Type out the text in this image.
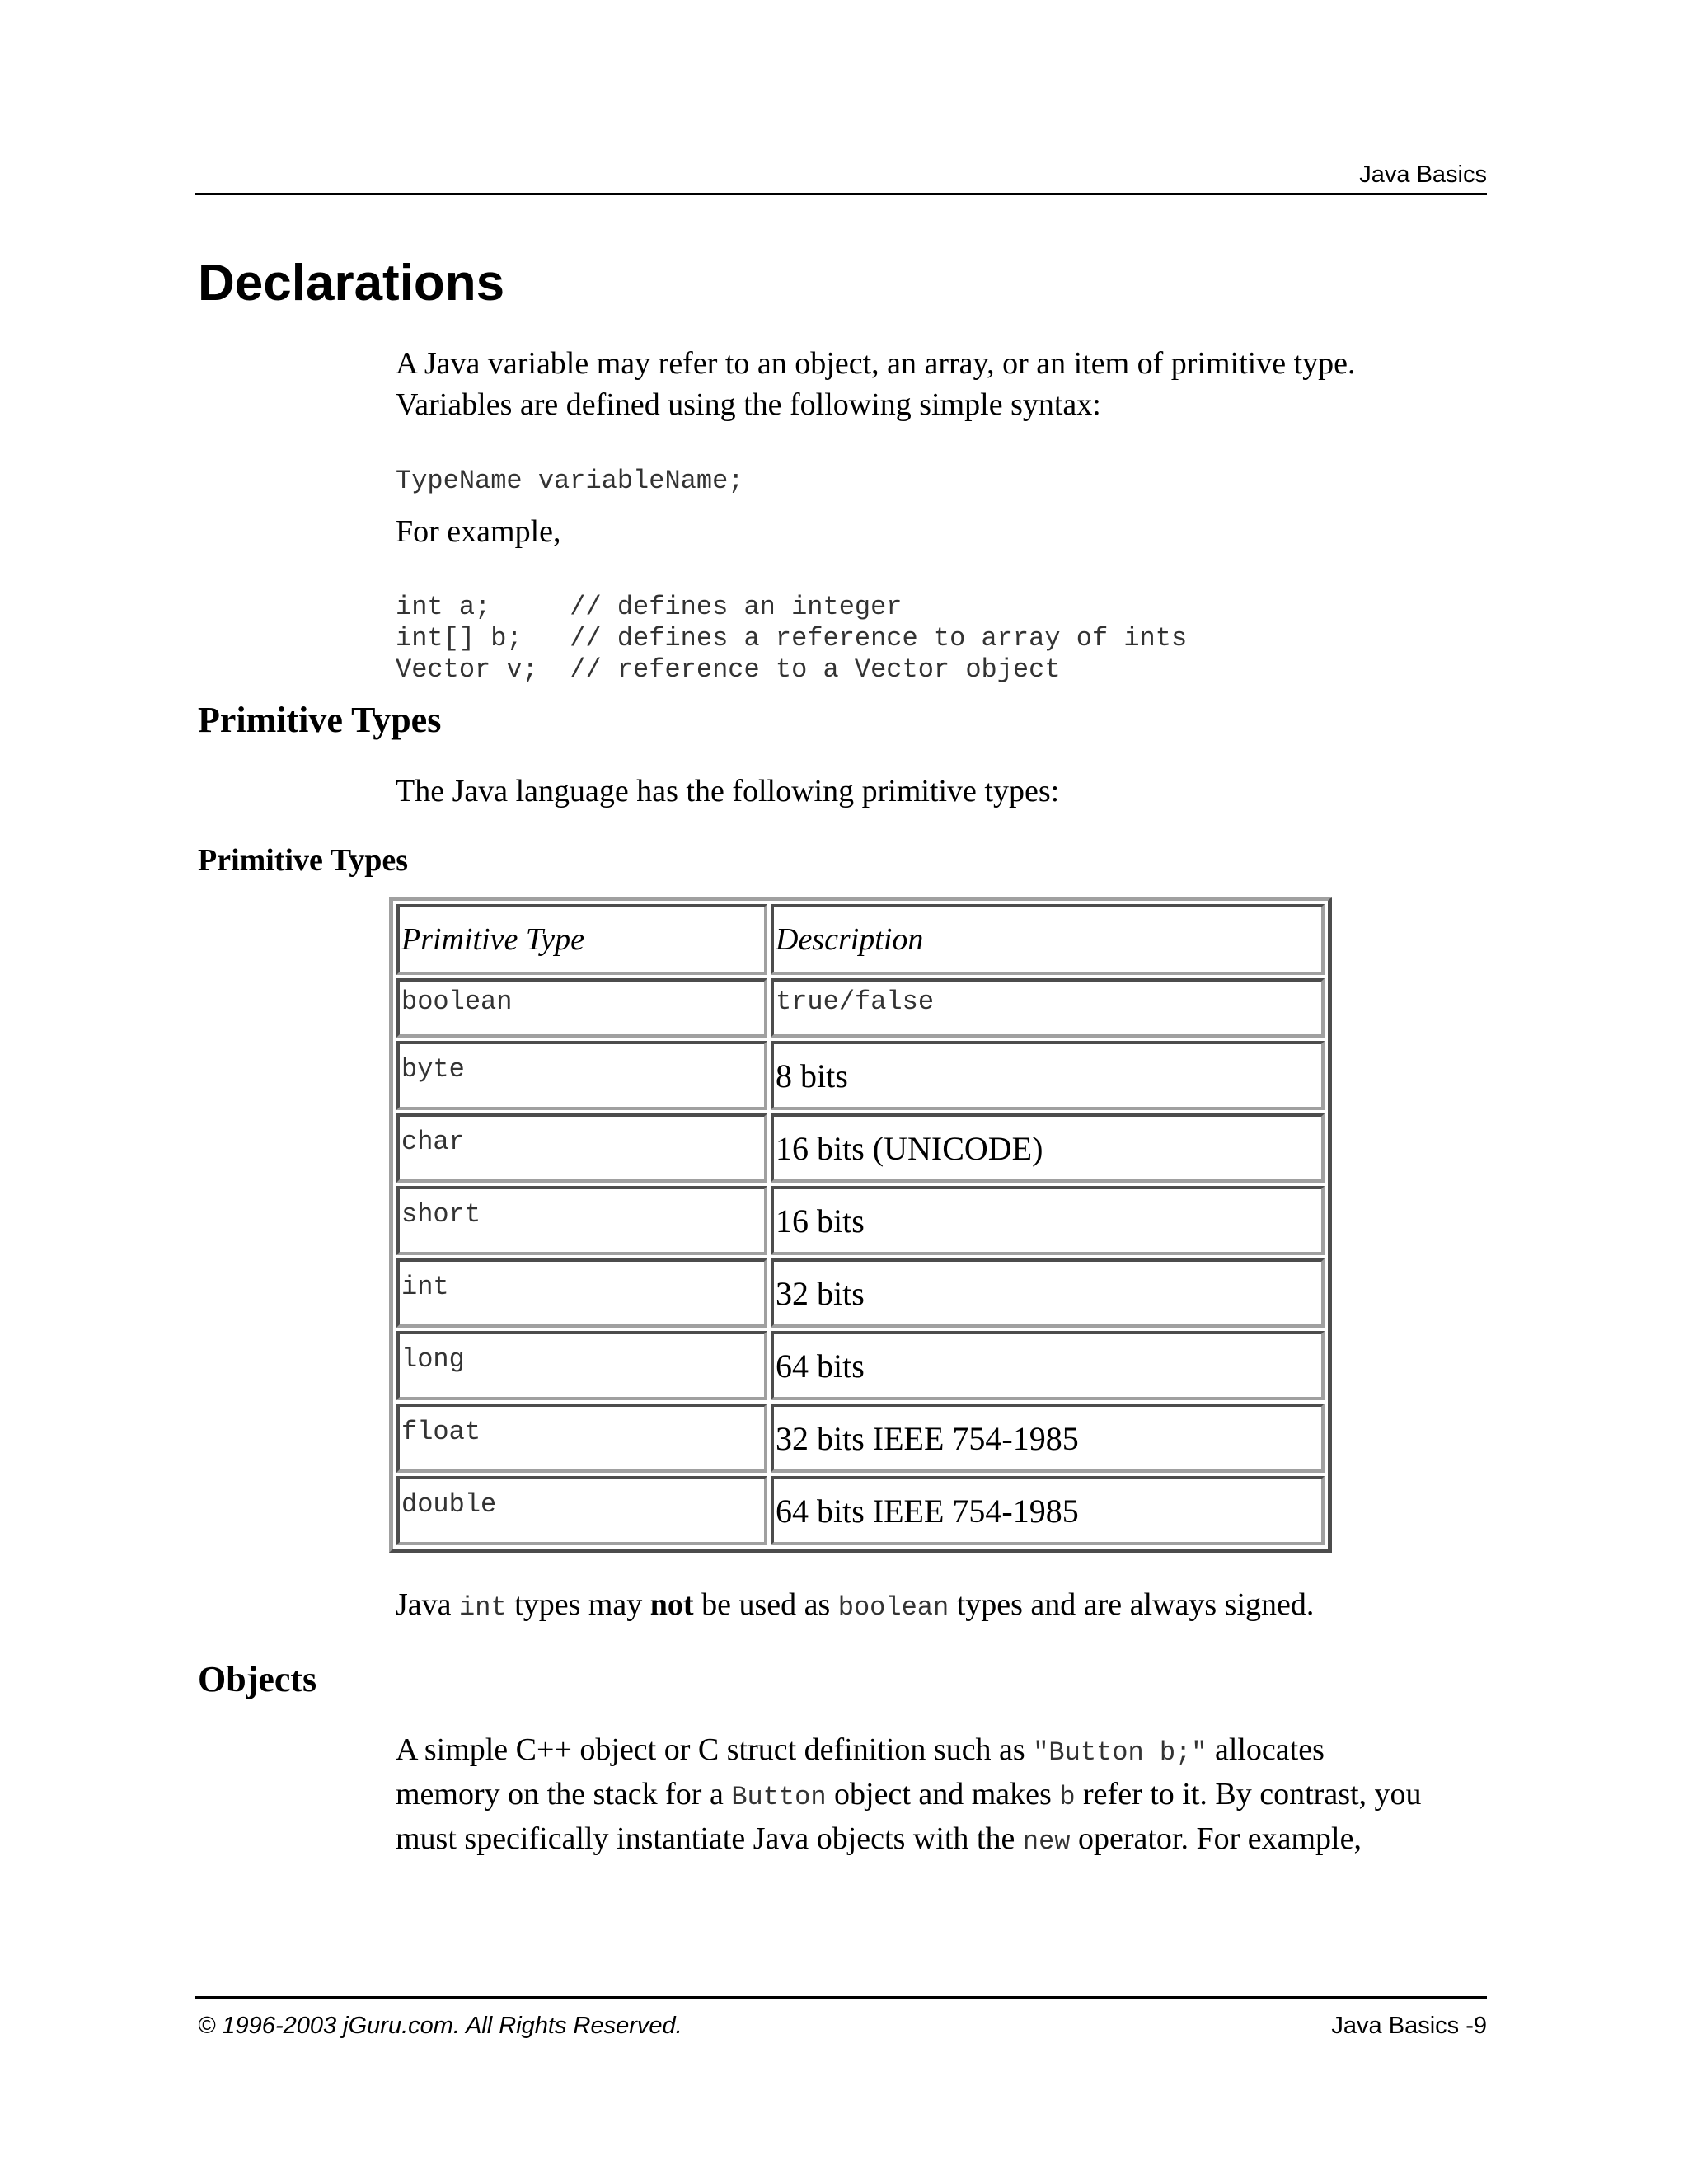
Java Basics
Declarations

A Java variable may refer to an object, an array, or an item of primitive type.
Variables are defined using the following simple syntax:

TypeName variableName;

For example,

int a;     // defines an integer
int[] b;   // defines a reference to array of ints
Vector v;  // reference to a Vector object
Primitive Types

The Java language has the following primitive types:

Primitive Types
Primitive Type	Description
boolean	true/false
byte	8 bits
char	16 bits (UNICODE)
short	16 bits
int	32 bits
long	64 bits
float	32 bits IEEE 754-1985
double	64 bits IEEE 754-1985

Java int types may not be used as boolean types and are always signed.

Objects

A simple C++ object or C struct definition such as "Button b;" allocates
memory on the stack for a Button object and makes b refer to it. By contrast, you
must specifically instantiate Java objects with the new operator. For example,

© 1996-2003 jGuru.com. All Rights Reserved.	Java Basics -9
